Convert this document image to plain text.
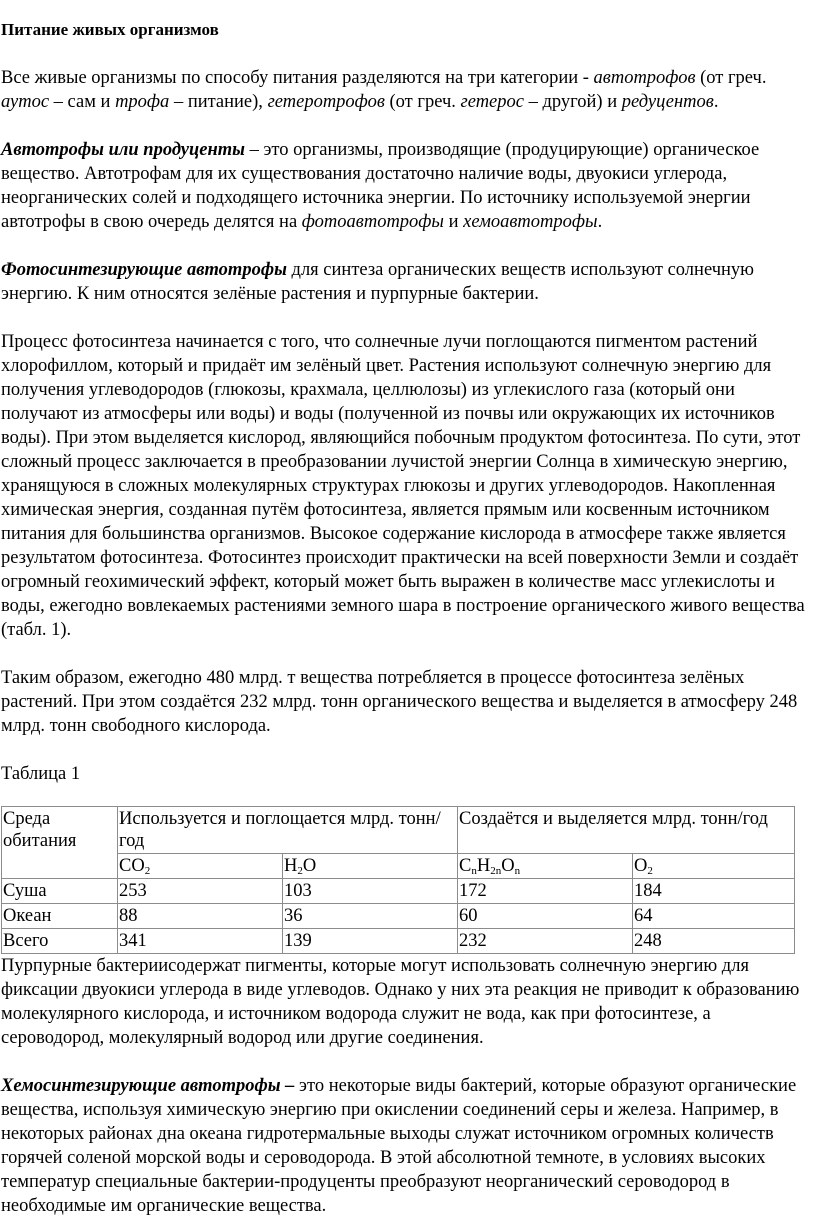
Питание живых организмов

Все живые организмы по способу питания разделяются на три категории - автотрофов (от греч. аутос – сам и трофа – питание), гетеротрофов (от греч. гетерос – другой) и редуцентов.

Автотрофы или продуценты – это организмы, производящие (продуцирующие) органическое вещество. Автотрофам для их существования достаточно наличие воды, двуокиси углерода, неорганических солей и подходящего источника энергии. По источнику используемой энергии автотрофы в свою очередь делятся на фотоавтотрофы и хемоавтотрофы.

Фотосинтезирующие автотрофы для синтеза органических веществ используют солнечную энергию. К ним относятся зелёные растения и пурпурные бактерии.

Процесс фотосинтеза начинается с того, что солнечные лучи поглощаются пигментом растений хлорофиллом, который и придаёт им зелёный цвет. Растения используют солнечную энергию для получения углеводородов (глюкозы, крахмала, целлюлозы) из углекислого газа (который они получают из атмосферы или воды) и воды (полученной из почвы или окружающих их источников воды). При этом выделяется кислород, являющийся побочным продуктом фотосинтеза. По сути, этот сложный процесс заключается в преобразовании лучистой энергии Солнца в химическую энергию, хранящуюся в сложных молекулярных структурах глюкозы и других углеводородов. Накопленная химическая энергия, созданная путём фотосинтеза, является прямым или косвенным источником питания для большинства организмов. Высокое содержание кислорода в атмосфере также является результатом фотосинтеза. Фотосинтез происходит практически на всей поверхности Земли и создаёт огромный геохимический эффект, который может быть выражен в количестве масс углекислоты и воды, ежегодно вовлекаемых растениями земного шара в построение органического живого вещества (табл. 1).

Таким образом, ежегодно 480 млрд. т вещества потребляется в процессе фотосинтеза зелёных растений. При этом создаётся 232 млрд. тонн органического вещества и выделяется в атмосферу 248 млрд. тонн свободного кислорода.

Таблица 1

Среда обитания	Используется и поглощается млрд. тонн/год		Создаётся и выделяется млрд. тонн/год	
	$CO_2$	$H_2O$	$C_nH_{2n}O_n$	$O_2$
Суша	253	103	172	184
Океан	88	36	60	64
Всего	341	139	232	248

Пурпурные бактериисодержат пигменты, которые могут использовать солнечную энергию для фиксации двуокиси углерода в виде углеводов. Однако у них эта реакция не приводит к образованию молекулярного кислорода, и источником водорода служит не вода, как при фотосинтезе, а сероводород, молекулярный водород или другие соединения.

Хемосинтезирующие автотрофы – это некоторые виды бактерий, которые образуют органические вещества, используя химическую энергию при окислении соединений серы и железа. Например, в некоторых районах дна океана гидротермальные выходы служат источником огромных количеств горячей соленой морской воды и сероводорода. В этой абсолютной темноте, в условиях высоких температур специальные бактерии-продуценты преобразуют неорганический сероводород в необходимые им органические вещества.
